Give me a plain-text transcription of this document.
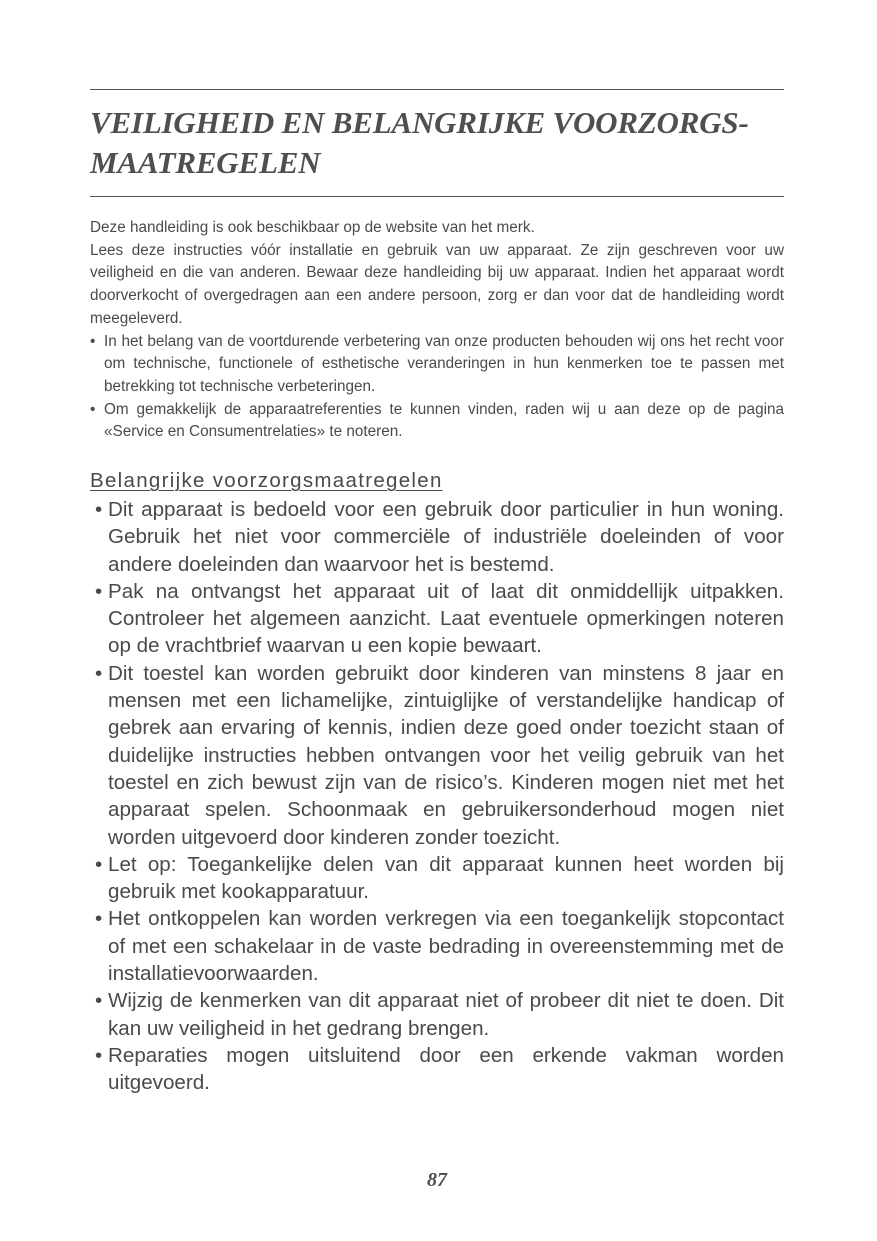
VEILIGHEID EN BELANGRIJKE VOORZORGS-
MAATREGELEN

Deze handleiding is ook beschikbaar op de website van het merk.

Lees deze instructies vóór installatie en gebruik van uw apparaat. Ze zijn geschreven voor uw veiligheid en die van anderen. Bewaar deze handleiding bij uw apparaat. Indien het apparaat wordt doorverkocht of overgedragen aan een andere persoon, zorg er dan voor dat de handleiding wordt meegeleverd.

• In het belang van de voortdurende verbetering van onze producten behouden wij ons het recht voor om technische, functionele of esthetische veranderingen in hun kenmerken toe te passen met betrekking tot technische verbeteringen.
• Om gemakkelijk de apparaatreferenties te kunnen vinden, raden wij u aan deze op de pagina «Service en Consumentrelaties» te noteren.
Belangrijke voorzorgsmaatregelen
• Dit apparaat is bedoeld voor een gebruik door particulier in hun woning. Gebruik het niet voor commerciële of industriële doeleinden of voor andere doeleinden dan waarvoor het is bestemd.
• Pak na ontvangst het apparaat uit of laat dit onmiddellijk uitpakken. Controleer het algemeen aanzicht. Laat eventuele opmerkingen noteren op de vrachtbrief waarvan u een kopie bewaart.
• Dit toestel kan worden gebruikt door kinderen van minstens 8 jaar en mensen met een lichamelijke, zintuiglijke of verstandelijke handicap of gebrek aan ervaring of kennis, indien deze goed onder toezicht staan of duidelijke instructies hebben ontvangen voor het veilig gebruik van het toestel en zich bewust zijn van de risico’s. Kinderen mogen niet met het apparaat spelen. Schoonmaak en gebruikersonderhoud mogen niet worden uitgevoerd door kinderen zonder toezicht.
• Let op: Toegankelijke delen van dit apparaat kunnen heet worden bij gebruik met kookapparatuur.
• Het ontkoppelen kan worden verkregen via een toegankelijk stopcontact of met een schakelaar in de vaste bedrading in overeenstemming met de installatievoorwaarden.
• Wijzig de kenmerken van dit apparaat niet of probeer dit niet te doen. Dit kan uw veiligheid in het gedrang brengen.
• Reparaties mogen uitsluitend door een erkende vakman worden uitgevoerd.
87
